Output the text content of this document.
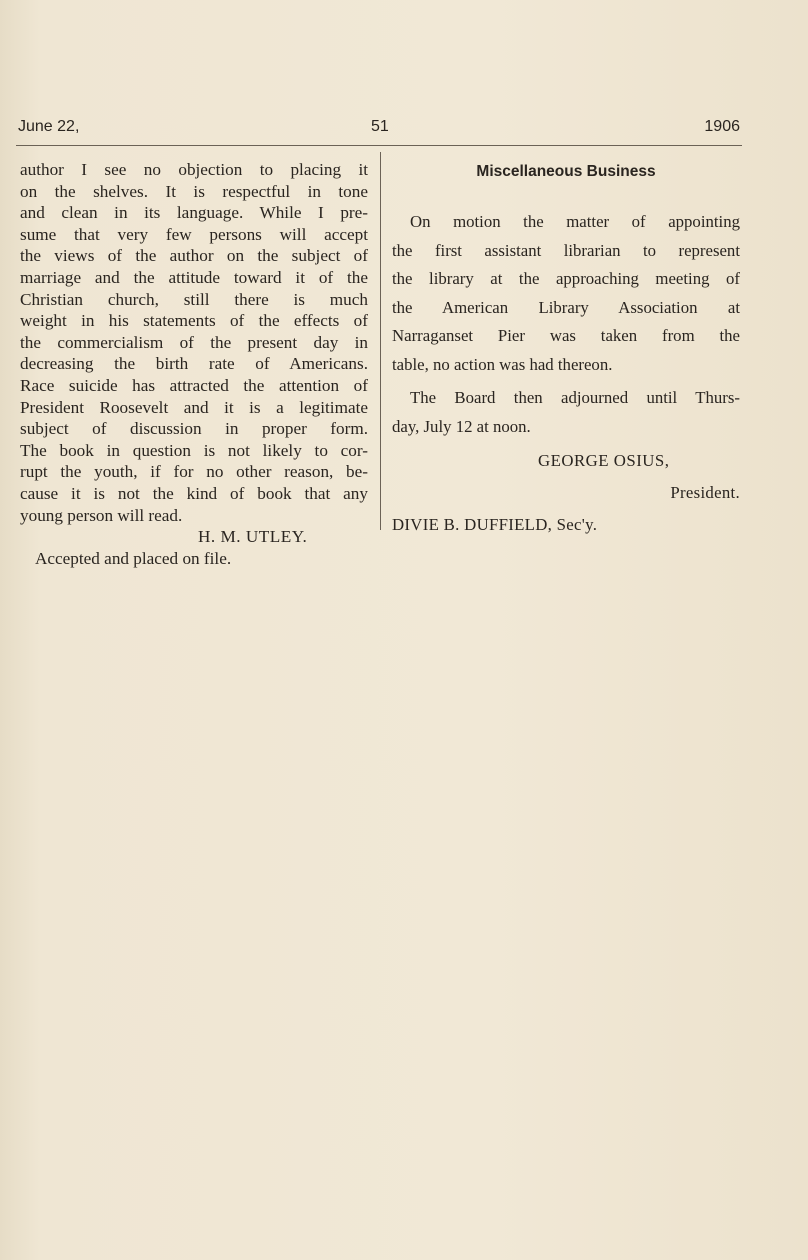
June 22,	51	1906
author I see no objection to placing it
on the shelves. It is respectful in tone
and clean in its language. While I pre-
sume that very few persons will accept
the views of the author on the subject of
marriage and the attitude toward it of the
Christian church, still there is much
weight in his statements of the effects of
the commercialism of the present day in
decreasing the birth rate of Americans.
Race suicide has attracted the attention of
President Roosevelt and it is a legitimate
subject of discussion in proper form.
The book in question is not likely to cor-
rupt the youth, if for no other reason, be-
cause it is not the kind of book that any
young person will read.
H. M. UTLEY.
Accepted and placed on file.
Miscellaneous Business
On motion the matter of appointing
the first assistant librarian to represent
the library at the approaching meeting of
the American Library Association at
Narraganset Pier was taken from the
table, no action was had thereon.
The Board then adjourned until Thurs-
day, July 12 at noon.
GEORGE OSIUS,
President.
DIVIE B. DUFFIELD, Sec'y.
